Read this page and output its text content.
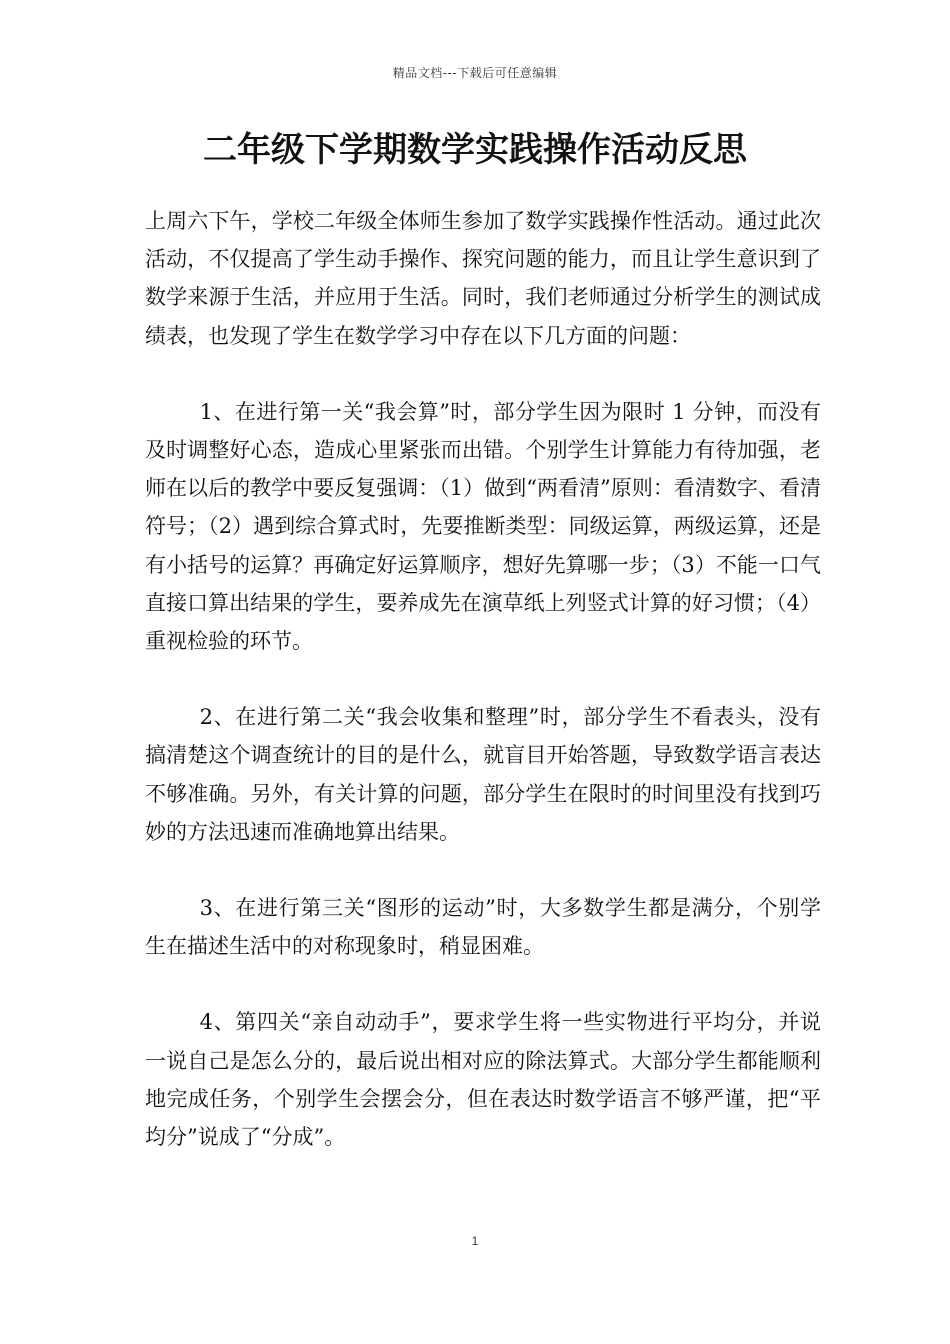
精品文档---下载后可任意编辑
二年级下学期数学实践操作活动反思

上周六下午，学校二年级全体师生参加了数学实践操作性活动。通过此次活动，不仅提高了学生动手操作、探究问题的能力，而且让学生意识到了数学来源于生活，并应用于生活。同时，我们老师通过分析学生的测试成绩表，也发现了学生在数学学习中存在以下几方面的问题：

1、在进行第一关“我会算”时，部分学生因为限时 1 分钟，而没有及时调整好心态，造成心里紧张而出错。个别学生计算能力有待加强，老师在以后的教学中要反复强调：（1）做到“两看清”原则：看清数字、看清符号；（2）遇到综合算式时，先要推断类型：同级运算，两级运算，还是有小括号的运算？再确定好运算顺序，想好先算哪一步；（3）不能一口气直接口算出结果的学生，要养成先在演草纸上列竖式计算的好习惯；（4）重视检验的环节。

2、在进行第二关“我会收集和整理”时，部分学生不看表头，没有搞清楚这个调查统计的目的是什么，就盲目开始答题，导致数学语言表达不够准确。另外，有关计算的问题，部分学生在限时的时间里没有找到巧妙的方法迅速而准确地算出结果。

3、在进行第三关“图形的运动”时，大多数学生都是满分，个别学生在描述生活中的对称现象时，稍显困难。

4、第四关“亲自动动手”，要求学生将一些实物进行平均分，并说一说自己是怎么分的，最后说出相对应的除法算式。大部分学生都能顺利地完成任务，个别学生会摆会分，但在表达时数学语言不够严谨，把“平均分”说成了“分成”。

1
